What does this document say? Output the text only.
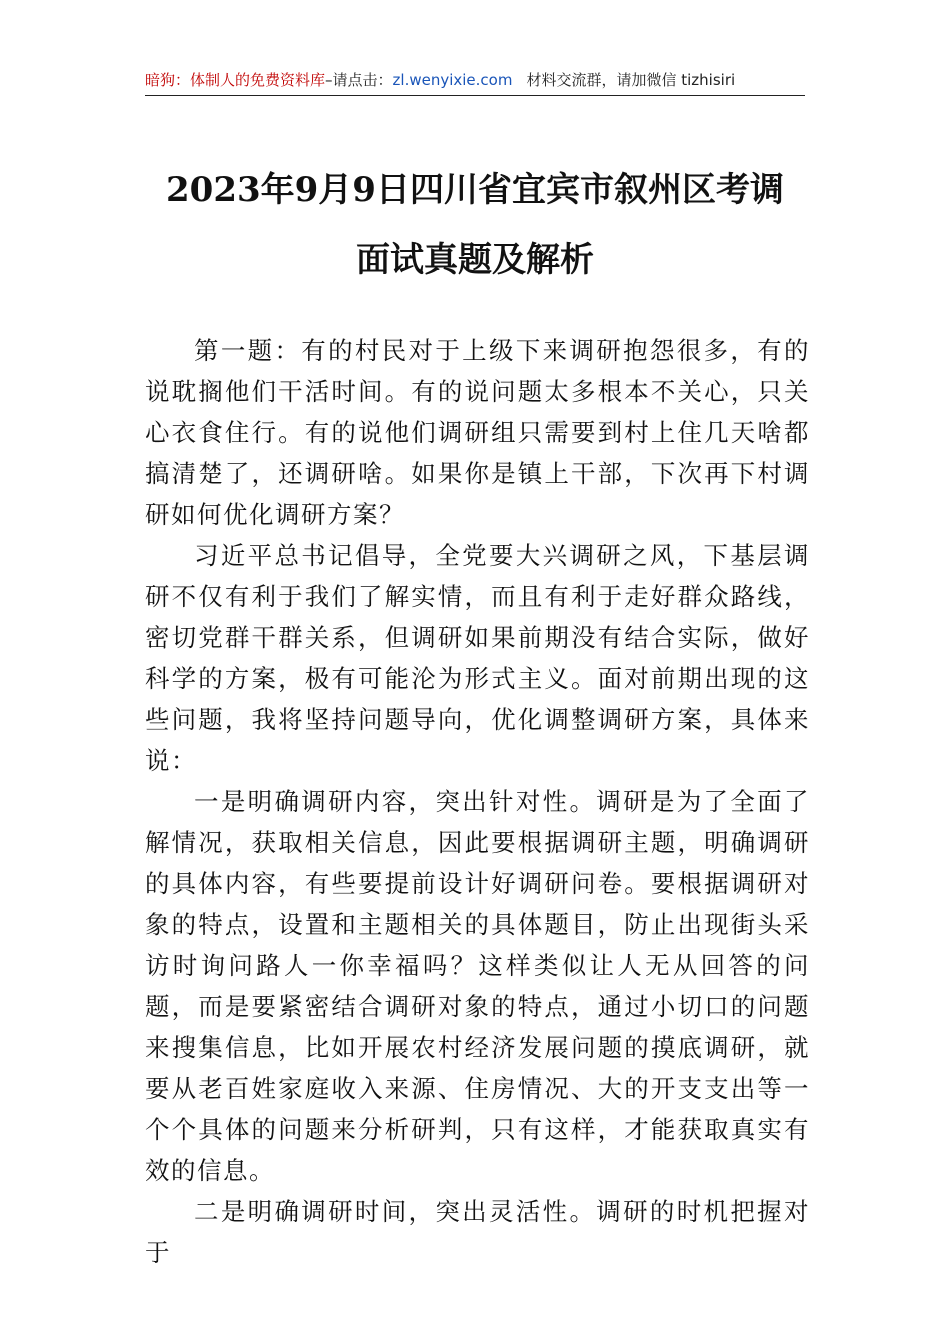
暗狗：体制人的免费资料库 –请点击： zl.wenyixie.com 材料交流群，请加微信 tizhisiri
2023年9月9日四川省宜宾市叙州区考调
面试真题及解析

第一题：有的村民对于上级下来调研抱怨很多，有的说耽搁他们干活时间。有的说问题太多根本不关心，只关心衣食住行。有的说他们调研组只需要到村上住几天啥都搞清楚了，还调研啥。如果你是镇上干部，下次再下村调研如何优化调研方案？

习近平总书记倡导，全党要大兴调研之风，下基层调研不仅有利于我们了解实情，而且有利于走好群众路线，密切党群干群关系，但调研如果前期没有结合实际，做好科学的方案，极有可能沦为形式主义。面对前期出现的这些问题，我将坚持问题导向，优化调整调研方案，具体来说：

一是明确调研内容，突出针对性。调研是为了全面了解情况，获取相关信息，因此要根据调研主题，明确调研的具体内容，有些要提前设计好调研问卷。要根据调研对象的特点，设置和主题相关的具体题目，防止出现街头采访时询问路人一你幸福吗？这样类似让人无从回答的问题，而是要紧密结合调研对象的特点，通过小切口的问题来搜集信息，比如开展农村经济发展问题的摸底调研，就要从老百姓家庭收入来源、住房情况、大的开支支出等一个个具体的问题来分析研判，只有这样，才能获取真实有效的信息。

二是明确调研时间，突出灵活性。调研的时机把握对于
